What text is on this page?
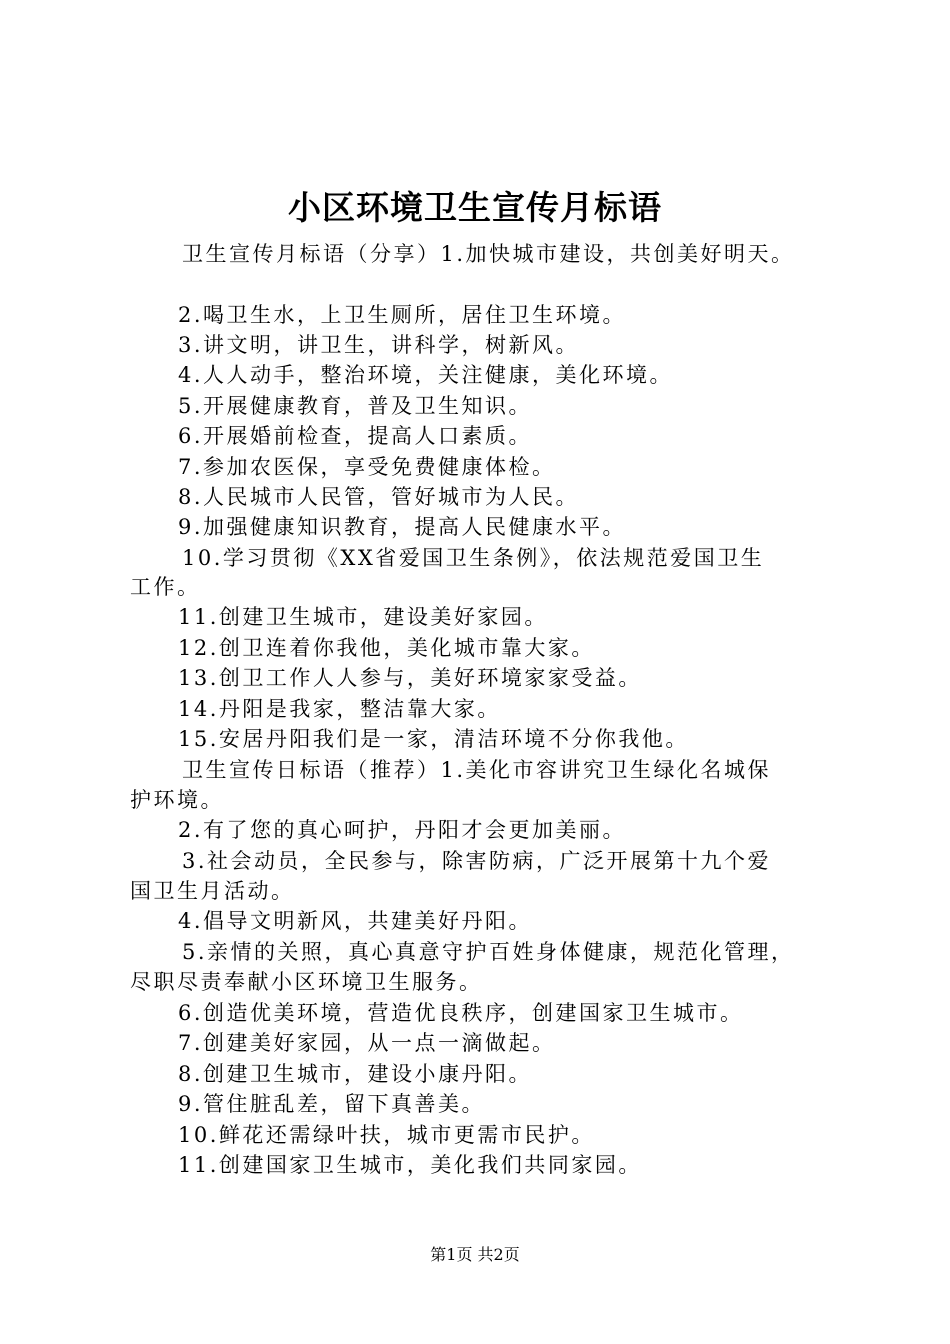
小区环境卫生宣传月标语
卫生宣传月标语（分享）1.加快城市建设，共创美好明天。
2.喝卫生水，上卫生厕所，居住卫生环境。
3.讲文明，讲卫生，讲科学，树新风。
4.人人动手，整治环境，关注健康，美化环境。
5.开展健康教育，普及卫生知识。
6.开展婚前检查，提高人口素质。
7.参加农医保，享受免费健康体检。
8.人民城市人民管，管好城市为人民。
9.加强健康知识教育，提高人民健康水平。
10.学习贯彻《XX省爱国卫生条例》，依法规范爱国卫生
工作。
11.创建卫生城市，建设美好家园。
12.创卫连着你我他，美化城市靠大家。
13.创卫工作人人参与，美好环境家家受益。
14.丹阳是我家，整洁靠大家。
15.安居丹阳我们是一家，清洁环境不分你我他。
卫生宣传日标语（推荐）1.美化市容讲究卫生绿化名城保
护环境。
2.有了您的真心呵护，丹阳才会更加美丽。
3.社会动员，全民参与，除害防病，广泛开展第十九个爱
国卫生月活动。
4.倡导文明新风，共建美好丹阳。
5.亲情的关照，真心真意守护百姓身体健康，规范化管理，
尽职尽责奉献小区环境卫生服务。
6.创造优美环境，营造优良秩序，创建国家卫生城市。
7.创建美好家园，从一点一滴做起。
8.创建卫生城市，建设小康丹阳。
9.管住脏乱差，留下真善美。
10.鲜花还需绿叶扶，城市更需市民护。
11.创建国家卫生城市，美化我们共同家园。
第1页 共2页
